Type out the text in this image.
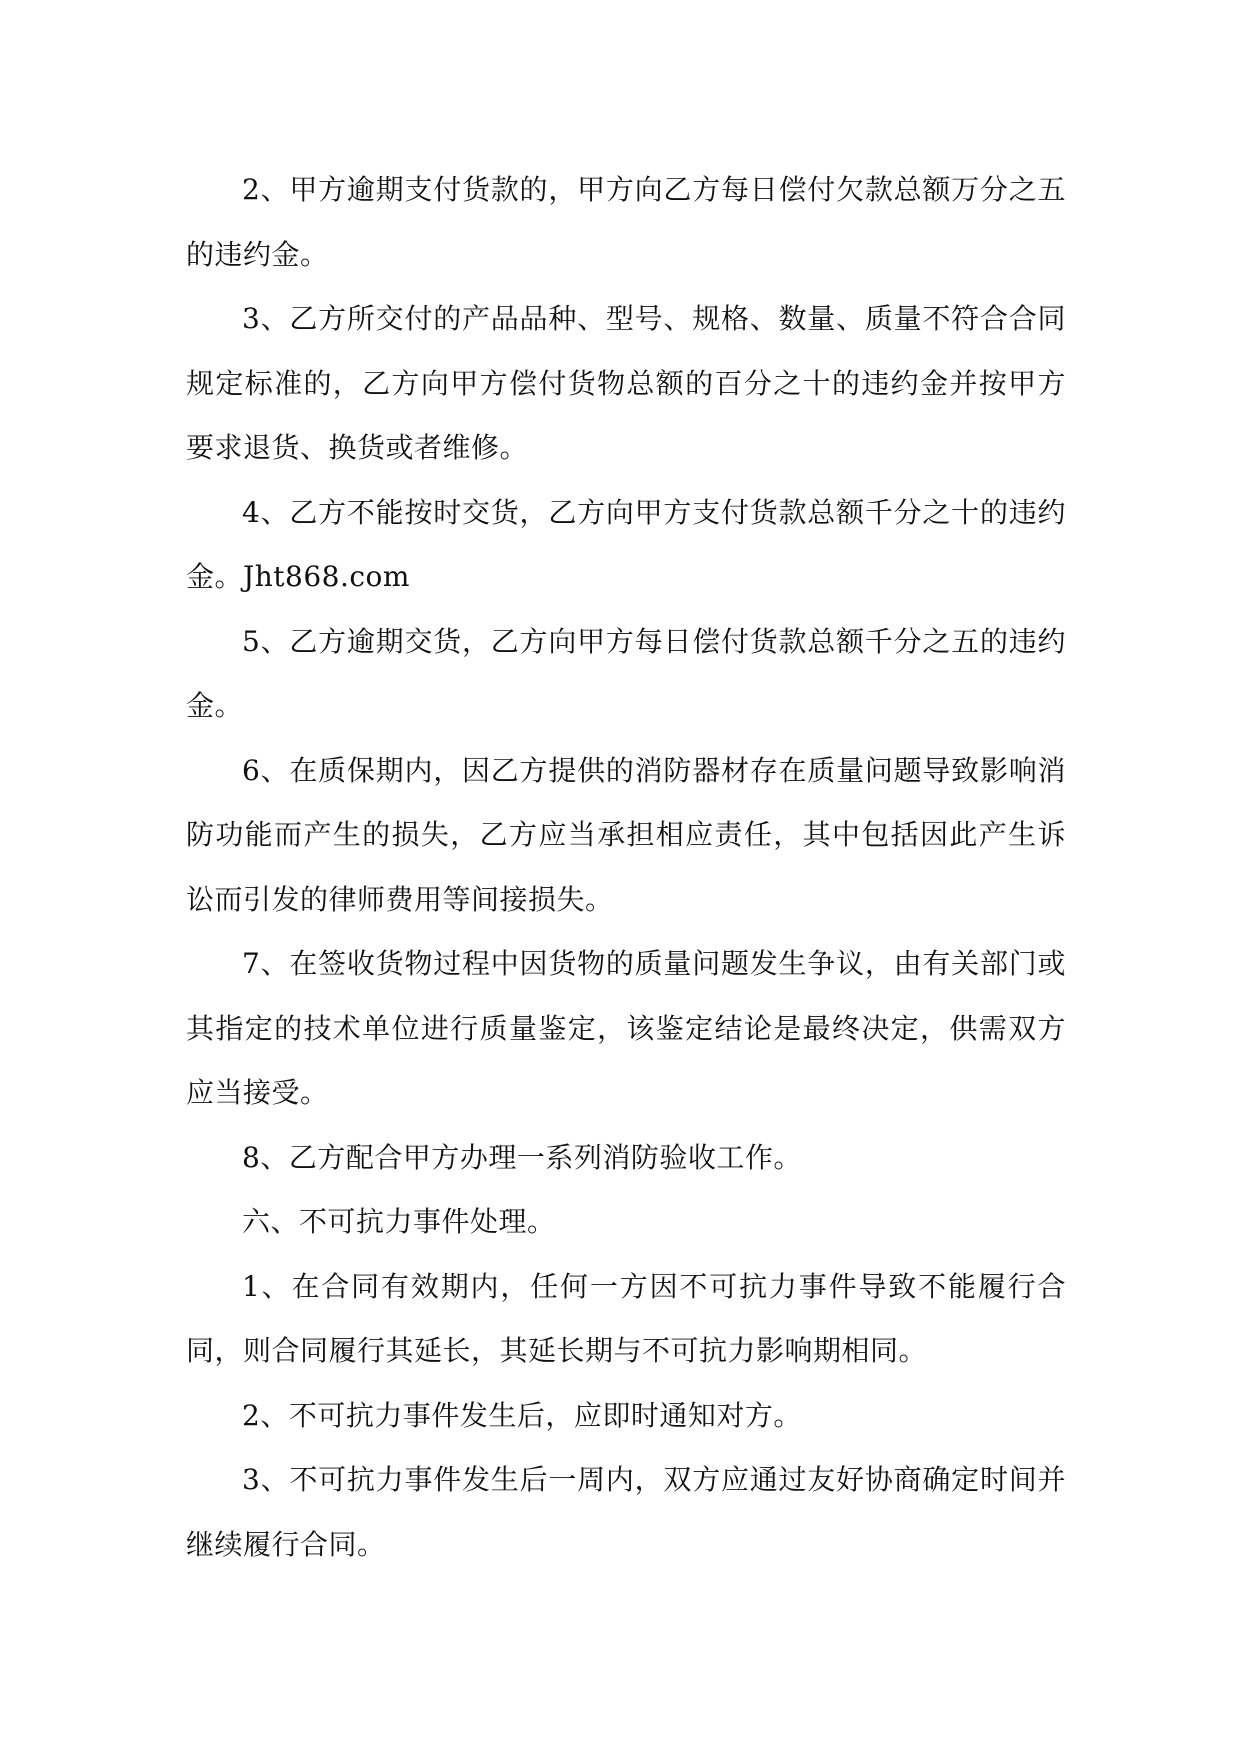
2、甲方逾期支付货款的，甲方向乙方每日偿付欠款总额万分之五的违约金。

3、乙方所交付的产品品种、型号、规格、数量、质量不符合合同规定标准的，乙方向甲方偿付货物总额的百分之十的违约金并按甲方要求退货、换货或者维修。

4、乙方不能按时交货，乙方向甲方支付货款总额千分之十的违约金。Jht868.com

5、乙方逾期交货，乙方向甲方每日偿付货款总额千分之五的违约金。

6、在质保期内，因乙方提供的消防器材存在质量问题导致影响消防功能而产生的损失，乙方应当承担相应责任，其中包括因此产生诉讼而引发的律师费用等间接损失。

7、在签收货物过程中因货物的质量问题发生争议，由有关部门或其指定的技术单位进行质量鉴定，该鉴定结论是最终决定，供需双方应当接受。

8、乙方配合甲方办理一系列消防验收工作。

六、不可抗力事件处理。

1、在合同有效期内，任何一方因不可抗力事件导致不能履行合同，则合同履行其延长，其延长期与不可抗力影响期相同。

2、不可抗力事件发生后，应即时通知对方。

3、不可抗力事件发生后一周内，双方应通过友好协商确定时间并继续履行合同。
